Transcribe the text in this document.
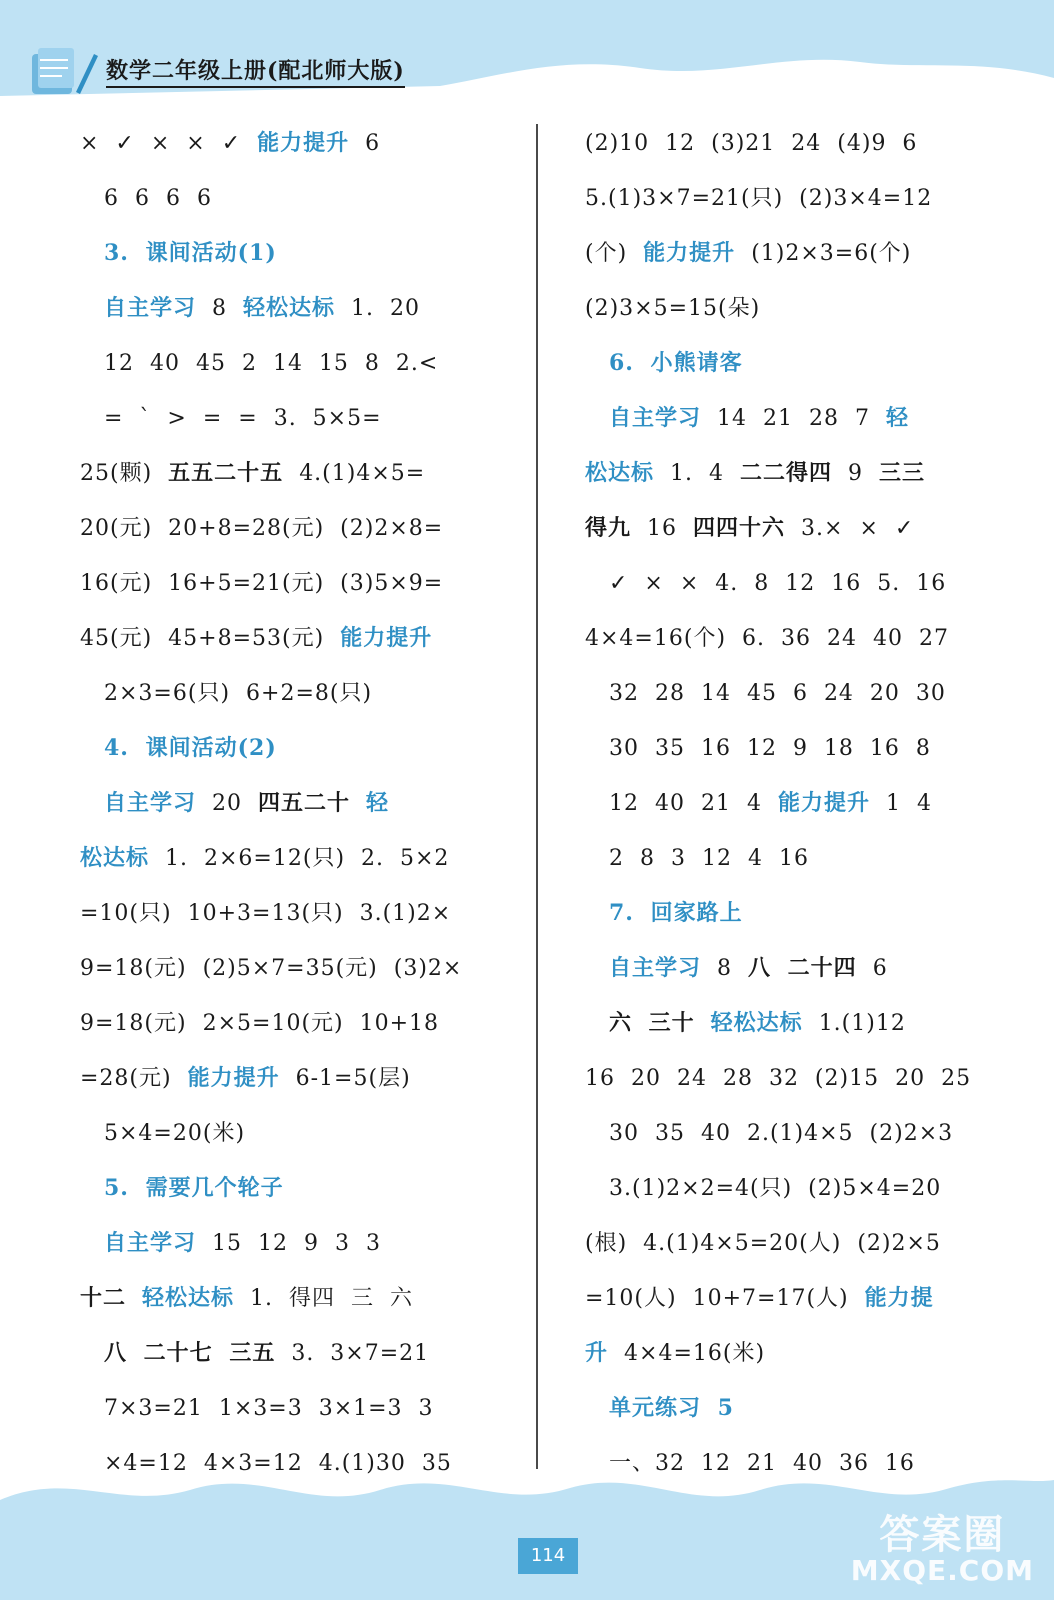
数学二年级上册(配北师大版)
× ✓ × × ✓ 能力提升 6
6 6 6 6
3. 课间活动(1)
自主学习 8 轻松达标 1. 20
12 40 45 2 14 15 8 2.<
= ˋ > = = 3. 5×5=
25(颗) 五五二十五 4.(1)4×5=
20(元) 20+8=28(元) (2)2×8=
16(元) 16+5=21(元) (3)5×9=
45(元) 45+8=53(元) 能力提升
2×3=6(只) 6+2=8(只)
4. 课间活动(2)
自主学习 20 四五二十 轻
松达标 1. 2×6=12(只) 2. 5×2
=10(只) 10+3=13(只) 3.(1)2×
9=18(元) (2)5×7=35(元) (3)2×
9=18(元) 2×5=10(元) 10+18
=28(元) 能力提升 6-1=5(层)
5×4=20(米)
5. 需要几个轮子
自主学习 15 12 9 3 3
十二 轻松达标 1. 得四 三 六
八 二十七 三五 3. 3×7=21
7×3=21 1×3=3 3×1=3 3
×4=12 4×3=12 4.(1)30 35
(2)10 12 (3)21 24 (4)9 6
5.(1)3×7=21(只) (2)3×4=12
(个) 能力提升 (1)2×3=6(个)
(2)3×5=15(朵)
6. 小熊请客
自主学习 14 21 28 7 轻
松达标 1. 4 二二得四 9 三三
得九 16 四四十六 3.× × ✓
✓ × × 4. 8 12 16 5. 16
4×4=16(个) 6. 36 24 40 27
32 28 14 45 6 24 20 30
30 35 16 12 9 18 16 8
12 40 21 4 能力提升 1 4
2 8 3 12 4 16
7. 回家路上
自主学习 8 八 二十四 6
六 三十 轻松达标 1.(1)12
16 20 24 28 32 (2)15 20 25
30 35 40 2.(1)4×5 (2)2×3
3.(1)2×2=4(只) (2)5×4=20
(根) 4.(1)4×5=20(人) (2)2×5
=10(人) 10+7=17(人) 能力提
升 4×4=16(米)
单元练习 5
一、32 12 21 40 36 16
114	答案圈
MXQE.COM
